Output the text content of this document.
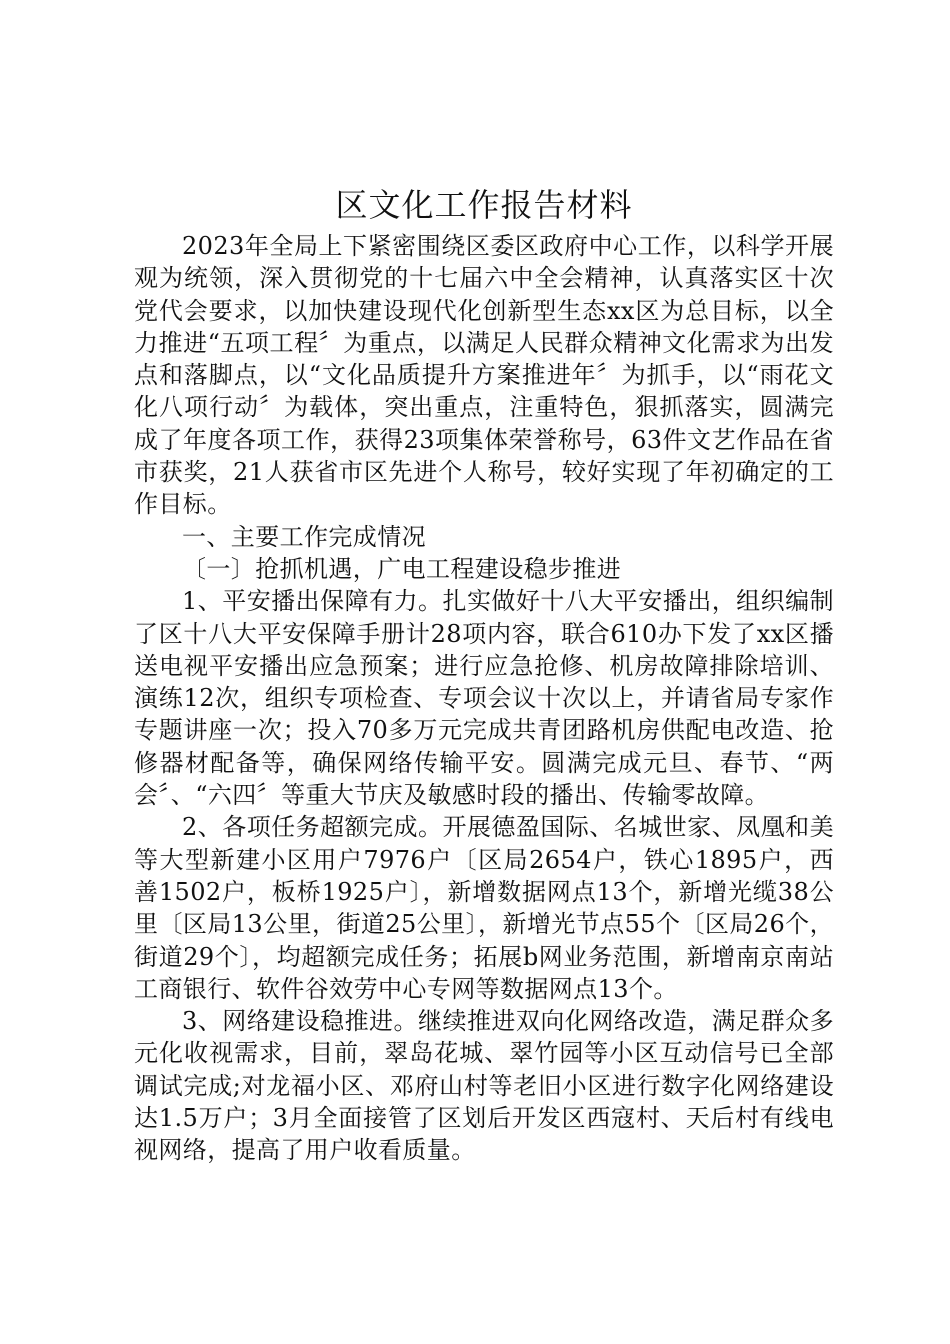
区文化工作报告材料

2023年全局上下紧密围绕区委区政府中心工作，以科学开展观为统领，深入贯彻党的十七届六中全会精神，认真落实区十次党代会要求，以加快建设现代化创新型生态xx区为总目标，以全力推进“五项工程〞为重点，以满足人民群众精神文化需求为出发点和落脚点，以“文化品质提升方案推进年〞为抓手，以“雨花文化八项行动〞为载体，突出重点，注重特色，狠抓落实，圆满完成了年度各项工作，获得23项集体荣誉称号，63件文艺作品在省市获奖，21人获省市区先进个人称号，较好实现了年初确定的工作目标。

一、主要工作完成情况

〔一〕抢抓机遇，广电工程建设稳步推进

1、平安播出保障有力。扎实做好十八大平安播出，组织编制了区十八大平安保障手册计28项内容，联合610办下发了xx区播送电视平安播出应急预案；进行应急抢修、机房故障排除培训、演练12次，组织专项检查、专项会议十次以上，并请省局专家作专题讲座一次；投入70多万元完成共青团路机房供配电改造、抢修器材配备等，确保网络传输平安。圆满完成元旦、春节、“两会〞、“六四〞等重大节庆及敏感时段的播出、传输零故障。

2、各项任务超额完成。开展德盈国际、名城世家、凤凰和美等大型新建小区用户7976户〔区局2654户，铁心1895户，西善1502户，板桥1925户〕，新增数据网点13个，新增光缆38公里〔区局13公里，街道25公里〕，新增光节点55个〔区局26个，街道29个〕，均超额完成任务；拓展b网业务范围，新增南京南站工商银行、软件谷效劳中心专网等数据网点13个。

3、网络建设稳推进。继续推进双向化网络改造，满足群众多元化收视需求，目前，翠岛花城、翠竹园等小区互动信号已全部调试完成;对龙福小区、邓府山村等老旧小区进行数字化网络建设达1.5万户；3月全面接管了区划后开发区西寇村、天后村有线电视网络，提高了用户收看质量。
